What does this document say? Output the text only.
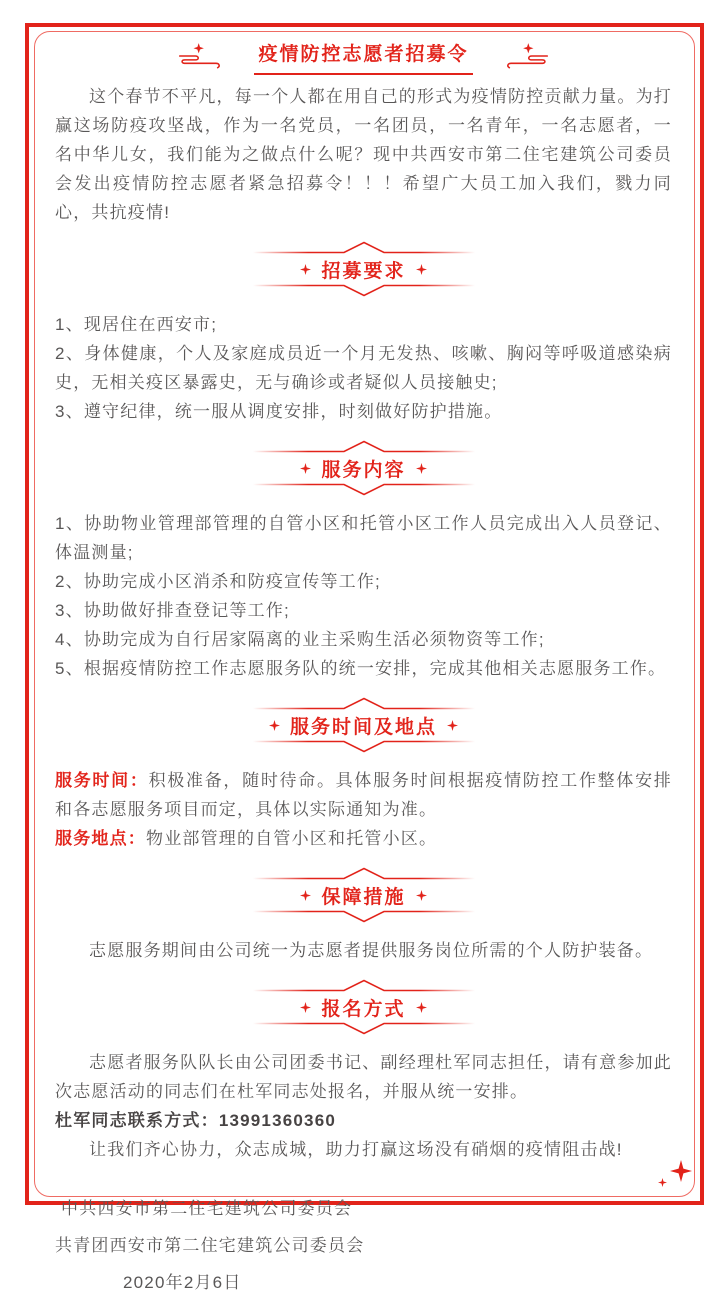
疫情防控志愿者招募令

这个春节不平凡，每一个人都在用自己的形式为疫情防控贡献力量。为打赢这场防疫攻坚战，作为一名党员，一名团员，一名青年，一名志愿者，一名中华儿女，我们能为之做点什么呢？现中共西安市第二住宅建筑公司委员会发出疫情防控志愿者紧急招募令！！！希望广大员工加入我们，戮力同心，共抗疫情!

招募要求

1、现居住在西安市;

2、身体健康，个人及家庭成员近一个月无发热、咳嗽、胸闷等呼吸道感染病史，无相关疫区暴露史，无与确诊或者疑似人员接触史;

3、遵守纪律，统一服从调度安排，时刻做好防护措施。

服务内容

1、协助物业管理部管理的自管小区和托管小区工作人员完成出入人员登记、体温测量;

2、协助完成小区消杀和防疫宣传等工作;

3、协助做好排查登记等工作;

4、协助完成为自行居家隔离的业主采购生活必须物资等工作;

5、根据疫情防控工作志愿服务队的统一安排，完成其他相关志愿服务工作。

服务时间及地点

服务时间：积极准备，随时待命。具体服务时间根据疫情防控工作整体安排和各志愿服务项目而定，具体以实际通知为准。

服务地点：物业部管理的自管小区和托管小区。

保障措施

志愿服务期间由公司统一为志愿者提供服务岗位所需的个人防护装备。

报名方式

志愿者服务队队长由公司团委书记、副经理杜军同志担任，请有意参加此次志愿活动的同志们在杜军同志处报名，并服从统一安排。

杜军同志联系方式：13991360360

让我们齐心协力，众志成城，助力打赢这场没有硝烟的疫情阻击战!

中共西安市第二住宅建筑公司委员会

共青团西安市第二住宅建筑公司委员会

2020年2月6日
